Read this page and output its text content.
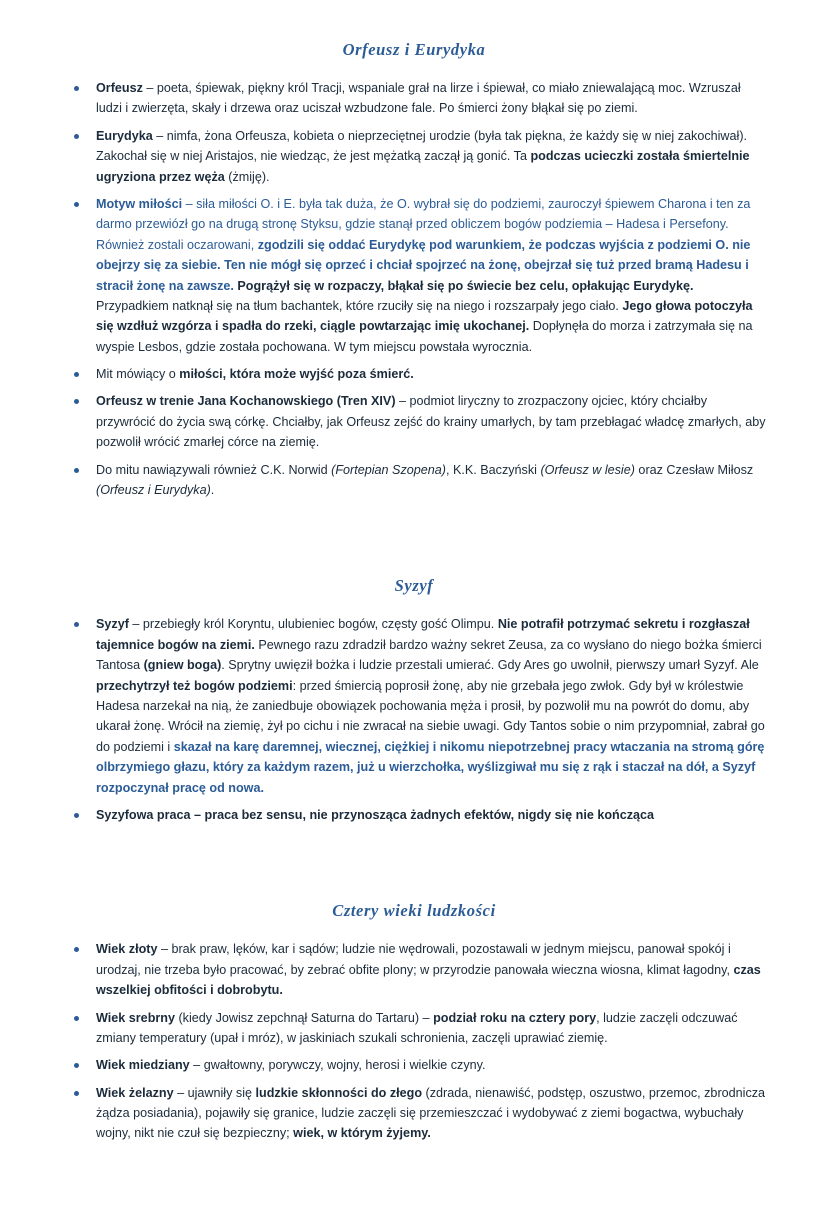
Orfeusz i Eurydyka
Orfeusz – poeta, śpiewak, piękny król Tracji, wspaniale grał na lirze i śpiewał, co miało zniewalającą moc. Wzruszał ludzi i zwierzęta, skały i drzewa oraz uciszał wzbudzone fale. Po śmierci żony błąkał się po ziemi.
Eurydyka – nimfa, żona Orfeusza, kobieta o nieprzeciętnej urodzie (była tak piękna, że każdy się w niej zakochiwał). Zakochał się w niej Aristajos, nie wiedząc, że jest mężatką zaczął ją gonić. Ta podczas ucieczki została śmiertelnie ugryziona przez węża (żmiję).
Motyw miłości – siła miłości O. i E. była tak duża, że O. wybrał się do podziemi, zauroczył śpiewem Charona i ten za darmo przewiózł go na drugą stronę Styksu, gdzie stanął przed obliczem bogów podziemia – Hadesa i Persefony. Również zostali oczarowani, zgodzili się oddać Eurydykę pod warunkiem, że podczas wyjścia z podziemi O. nie obejrzy się za siebie. Ten nie mógł się oprzeć i chciał spojrzeć na żonę, obejrzał się tuż przed bramą Hadesu i stracił żonę na zawsze. Pogrążył się w rozpaczy, błąkał się po świecie bez celu, opłakując Eurydykę. Przypadkiem natknął się na tłum bachantek, które rzuciły się na niego i rozszarpały jego ciało. Jego głowa potoczyła się wzdłuż wzgórza i spadła do rzeki, ciągle powtarzając imię ukochanej. Dopłynęła do morza i zatrzymała się na wyspie Lesbos, gdzie została pochowana. W tym miejscu powstała wyrocznia.
Mit mówiący o miłości, która może wyjść poza śmierć.
Orfeusz w trenie Jana Kochanowskiego (Tren XIV) – podmiot liryczny to zrozpaczony ojciec, który chciałby przywrócić do życia swą córkę. Chciałby, jak Orfeusz zejść do krainy umarłych, by tam przebłagać władcę zmarłych, aby pozwolił wrócić zmarłej córce na ziemię.
Do mitu nawiązywali również C.K. Norwid (Fortepian Szopena), K.K. Baczyński (Orfeusz w lesie) oraz Czesław Miłosz (Orfeusz i Eurydyka).
Syzyf
Syzyf – przebiegły król Koryntu, ulubieniec bogów, częsty gość Olimpu. Nie potrafił potrzymać sekretu i rozgłaszał tajemnice bogów na ziemi. Pewnego razu zdradził bardzo ważny sekret Zeusa, za co wysłano do niego bożka śmierci Tantosa (gniew boga). Sprytny uwięził bożka i ludzie przestali umierać. Gdy Ares go uwolnił, pierwszy umarł Syzyf. Ale przechytrzył też bogów podziemi: przed śmiercią poprosił żonę, aby nie grzebała jego zwłok. Gdy był w królestwie Hadesa narzekał na nią, że zaniedbuje obowiązek pochowania męża i prosił, by pozwolił mu na powrót do domu, aby ukarał żonę. Wrócił na ziemię, żył po cichu i nie zwracał na siebie uwagi. Gdy Tantos sobie o nim przypomniał, zabrał go do podziemi i skazał na karę daremnej, wiecznej, ciężkiej i nikomu niepotrzebnej pracy wtaczania na stromą górę olbrzymiego głazu, który za każdym razem, już u wierzchołka, wyślizgiwał mu się z rąk i staczał na dół, a Syzyf rozpoczynał pracę od nowa.
Syzyfowa praca – praca bez sensu, nie przynosząca żadnych efektów, nigdy się nie kończąca
Cztery wieki ludzkości
Wiek złoty – brak praw, lęków, kar i sądów; ludzie nie wędrowali, pozostawali w jednym miejscu, panował spokój i urodzaj, nie trzeba było pracować, by zebrać obfite plony; w przyrodzie panowała wieczna wiosna, klimat łagodny, czas wszelkiej obfitości i dobrobytu.
Wiek srebrny (kiedy Jowisz zepchnął Saturna do Tartaru) – podział roku na cztery pory, ludzie zaczęli odczuwać zmiany temperatury (upał i mróz), w jaskiniach szukali schronienia, zaczęli uprawiać ziemię.
Wiek miedziany – gwałtowny, porywczy, wojny, herosi i wielkie czyny.
Wiek żelazny – ujawniły się ludzkie skłonności do złego (zdrada, nienawiść, podstęp, oszustwo, przemoc, zbrodnicza żądza posiadania), pojawiły się granice, ludzie zaczęli się przemieszczać i wydobywać z ziemi bogactwa, wybuchały wojny, nikt nie czuł się bezpieczny; wiek, w którym żyjemy.
